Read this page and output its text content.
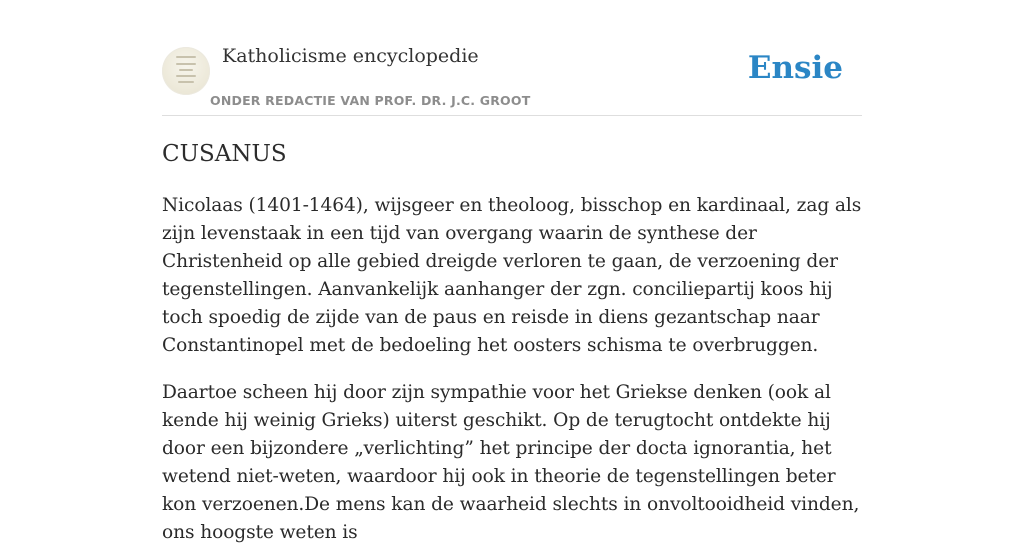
Katholicisme encyclopedie
ONDER REDACTIE VAN PROF. DR. J.C. GROOT
Ensie
CUSANUS

Nicolaas (1401-1464), wijsgeer en theoloog, bisschop en kardinaal, zag als zijn levenstaak in een tijd van overgang waarin de synthese der Christenheid op alle gebied dreigde verloren te gaan, de verzoening der tegenstellingen. Aanvankelijk aanhanger der zgn. conciliepartij koos hij toch spoedig de zijde van de paus en reisde in diens gezantschap naar Constantinopel met de bedoeling het oosters schisma te overbruggen.

Daartoe scheen hij door zijn sympathie voor het Griekse denken (ook al kende hij weinig Grieks) uiterst geschikt. Op de terugtocht ontdekte hij door een bijzondere „verlichting” het principe der docta ignorantia, het wetend niet-weten, waardoor hij ook in theorie de tegenstellingen beter kon verzoenen.De mens kan de waarheid slechts in onvoltooidheid vinden, ons hoogste weten is
